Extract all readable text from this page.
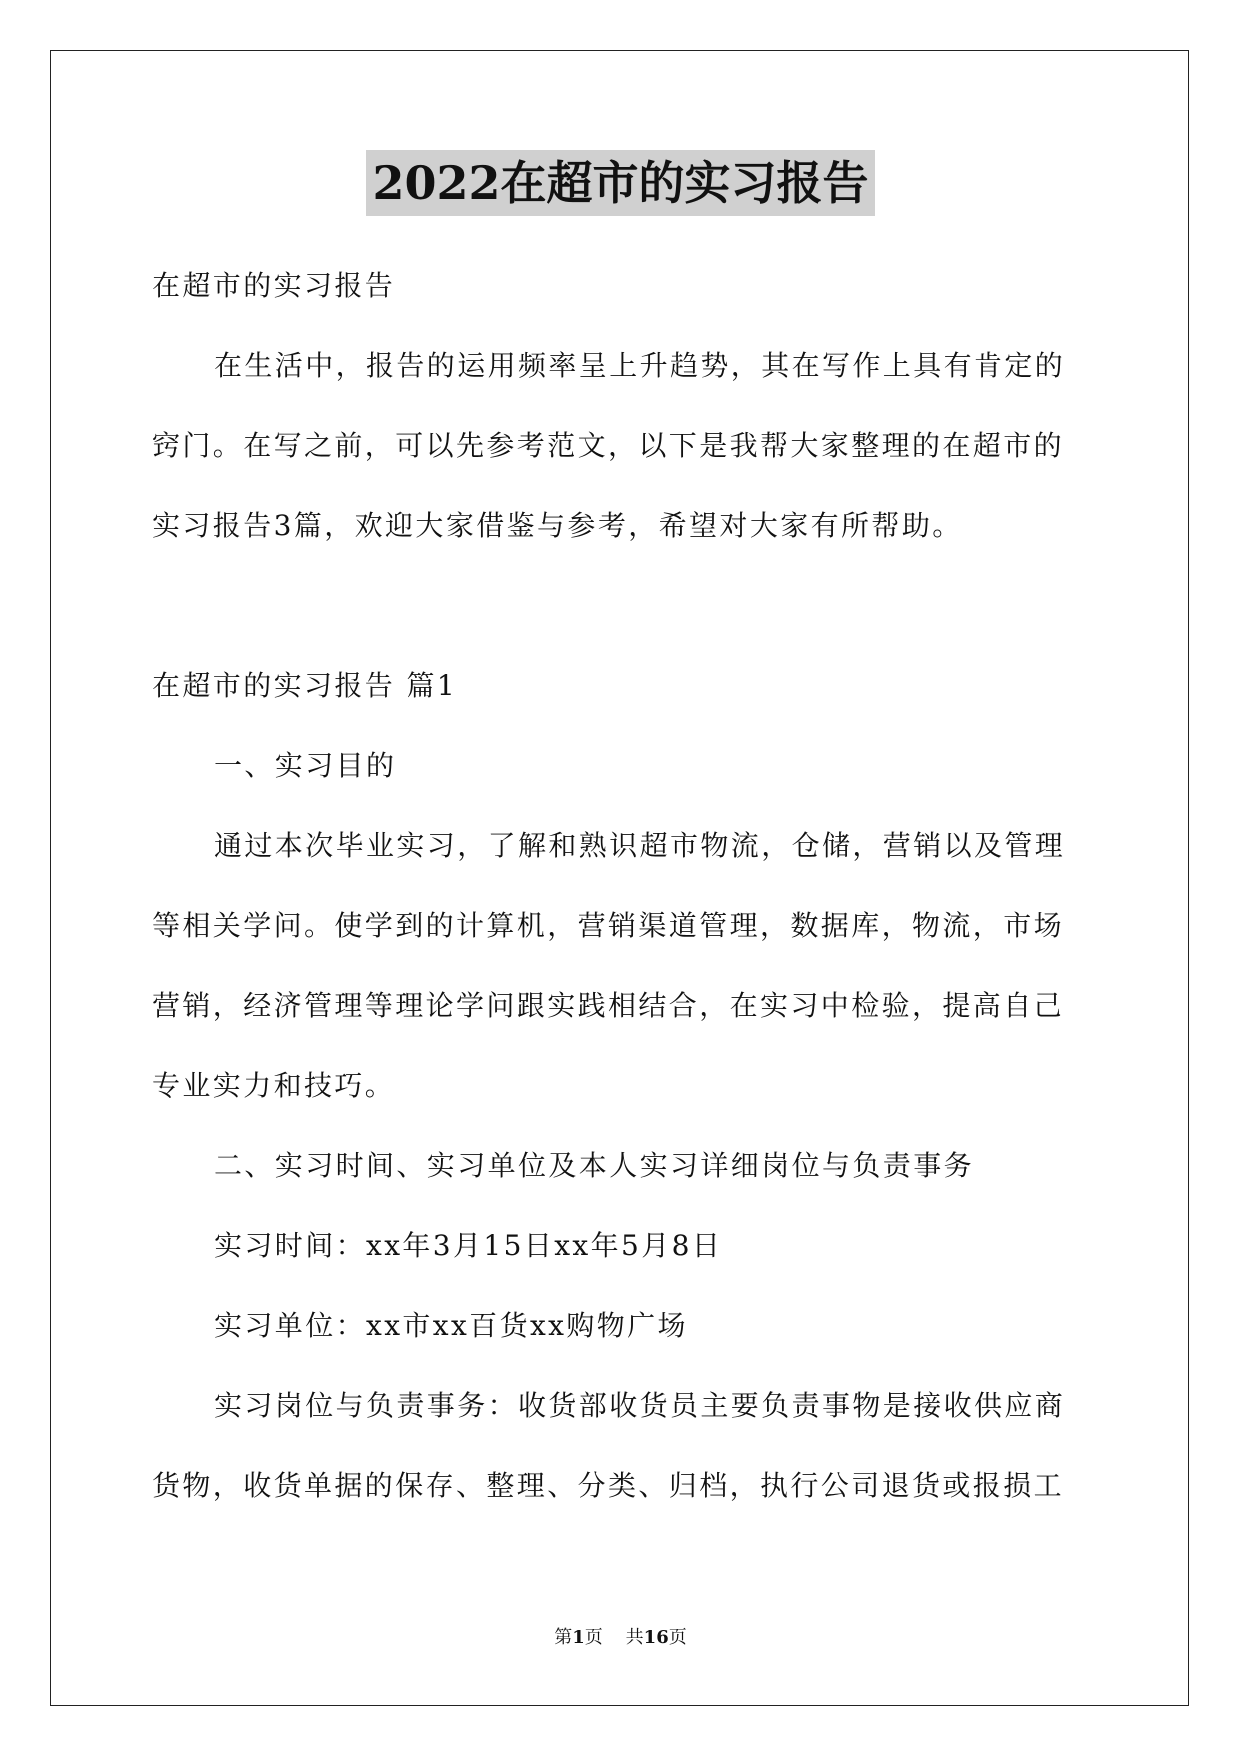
2022在超市的实习报告
在超市的实习报告
在生活中，报告的运用频率呈上升趋势，其在写作上具有肯定的
窍门。在写之前，可以先参考范文，以下是我帮大家整理的在超市的
实习报告3篇，欢迎大家借鉴与参考，希望对大家有所帮助。
在超市的实习报告 篇1
一、实习目的
通过本次毕业实习，了解和熟识超市物流，仓储，营销以及管理
等相关学问。使学到的计算机，营销渠道管理，数据库，物流，市场
营销，经济管理等理论学问跟实践相结合，在实习中检验，提高自己
专业实力和技巧。
二、实习时间、实习单位及本人实习详细岗位与负责事务
实习时间：xx年3月15日xx年5月8日
实习单位：xx市xx百货xx购物广场
实习岗位与负责事务：收货部收货员主要负责事物是接收供应商
货物，收货单据的保存、整理、分类、归档，执行公司退货或报损工
第1页 共16页
